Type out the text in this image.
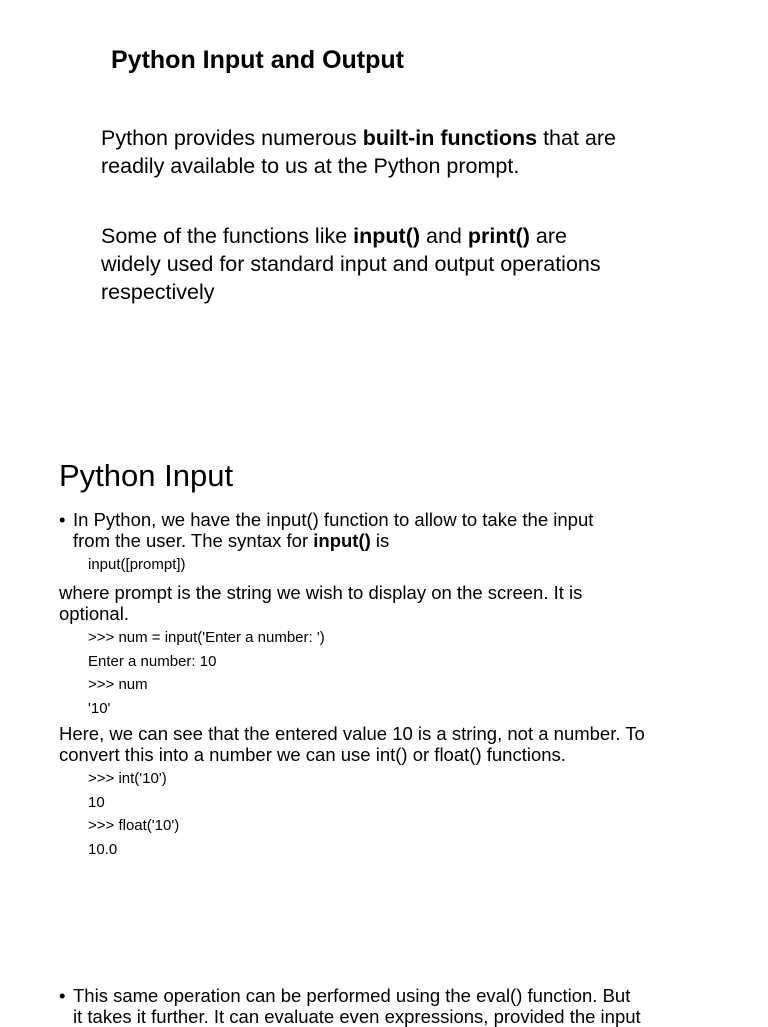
Python Input and Output
Python provides numerous built-in functions that are
readily available to us at the Python prompt.
Some of the functions like input() and print() are
widely used for standard input and output operations
respectively
Python Input
• In Python, we have the input() function to allow to take the input
from the user. The syntax for input() is
input([prompt])
where prompt is the string we wish to display on the screen. It is
optional.
>>> num = input('Enter a number: ')
Enter a number: 10
>>> num
'10'
Here, we can see that the entered value 10 is a string, not a number. To
convert this into a number we can use int() or float() functions.
>>> int('10')
10
>>> float('10')
10.0
• This same operation can be performed using the eval() function. But
it takes it further. It can evaluate even expressions, provided the input
